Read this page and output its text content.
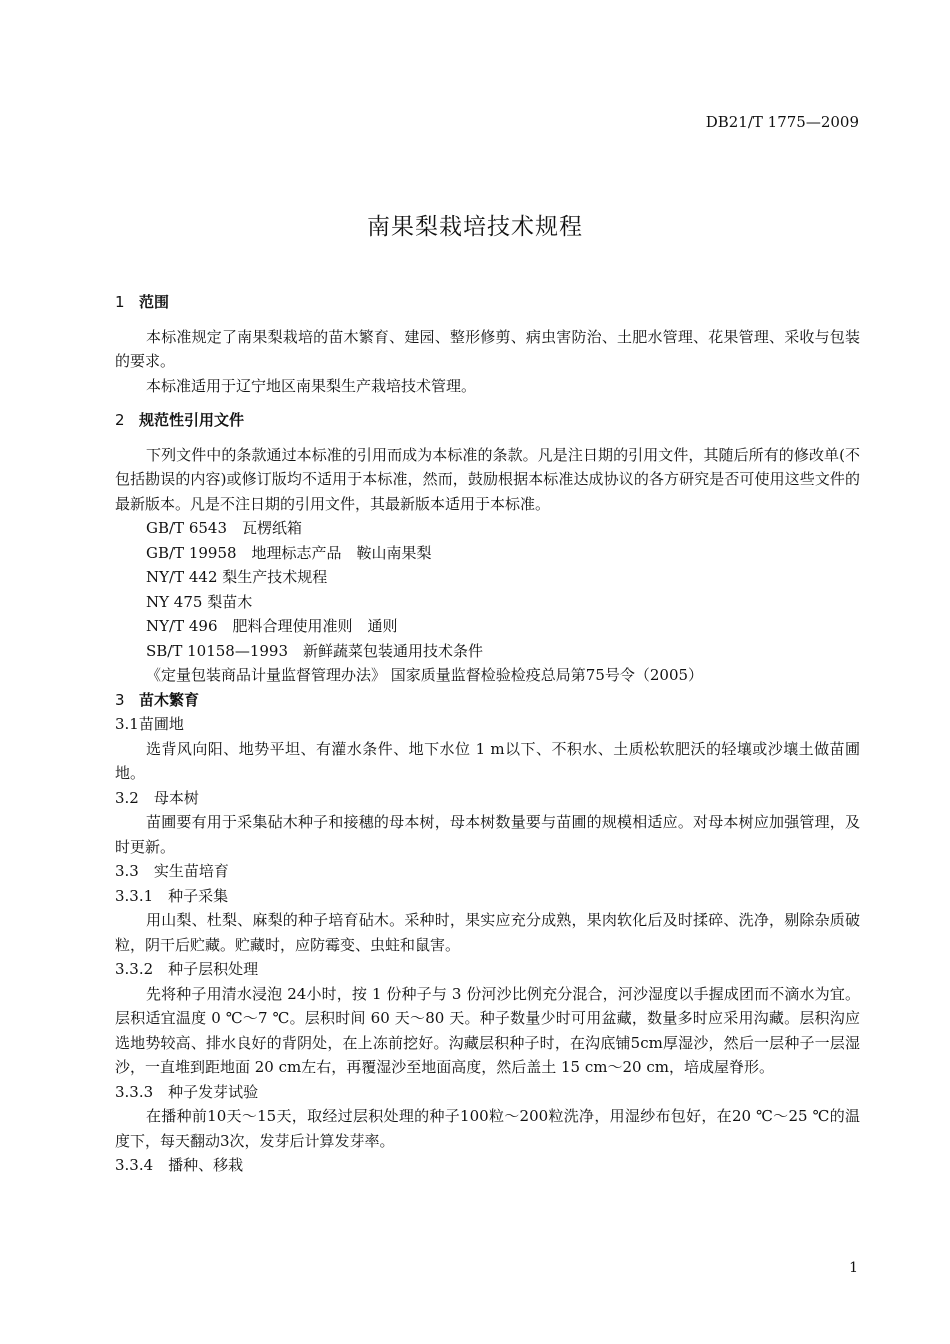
DB21/T 1775—2009
南果梨栽培技术规程
1 范围
本标准规定了南果梨栽培的苗木繁育、建园、整形修剪、病虫害防治、土肥水管理、花果管理、采收与包装的要求。
本标准适用于辽宁地区南果梨生产栽培技术管理。
2 规范性引用文件
下列文件中的条款通过本标准的引用而成为本标准的条款。凡是注日期的引用文件，其随后所有的修改单(不包括勘误的内容)或修订版均不适用于本标准，然而，鼓励根据本标准达成协议的各方研究是否可使用这些文件的最新版本。凡是不注日期的引用文件，其最新版本适用于本标准。
GB/T 6543　瓦楞纸箱
GB/T 19958　地理标志产品　鞍山南果梨
NY/T 442 梨生产技术规程
NY 475 梨苗木
NY/T 496　肥料合理使用准则　通则
SB/T 10158—1993　新鲜蔬菜包装通用技术条件
《定量包装商品计量监督管理办法》 国家质量监督检验检疫总局第75号令（2005）
3 苗木繁育
3.1苗圃地
选背风向阳、地势平坦、有灌水条件、地下水位 1 m以下、不积水、土质松软肥沃的轻壤或沙壤土做苗圃地。
3.2　母本树
苗圃要有用于采集砧木种子和接穗的母本树，母本树数量要与苗圃的规模相适应。对母本树应加强管理，及时更新。
3.3　实生苗培育
3.3.1　种子采集
用山梨、杜梨、麻梨的种子培育砧木。采种时，果实应充分成熟，果肉软化后及时揉碎、洗净，剔除杂质破粒，阴干后贮藏。贮藏时，应防霉变、虫蛀和鼠害。
3.3.2　种子层积处理
先将种子用清水浸泡 24小时，按 1 份种子与 3 份河沙比例充分混合，河沙湿度以手握成团而不滴水为宜。层积适宜温度 0 ℃～7 ℃。层积时间 60 天～80 天。种子数量少时可用盆藏，数量多时应采用沟藏。层积沟应选地势较高、排水良好的背阴处，在上冻前挖好。沟藏层积种子时，在沟底铺5cm厚湿沙，然后一层种子一层湿沙，一直堆到距地面 20 cm左右，再覆湿沙至地面高度，然后盖土 15 cm～20 cm，培成屋脊形。
3.3.3　种子发芽试验
在播种前10天～15天，取经过层积处理的种子100粒～200粒洗净，用湿纱布包好，在20 ℃～25 ℃的温度下，每天翻动3次，发芽后计算发芽率。
3.3.4　播种、移栽
1
